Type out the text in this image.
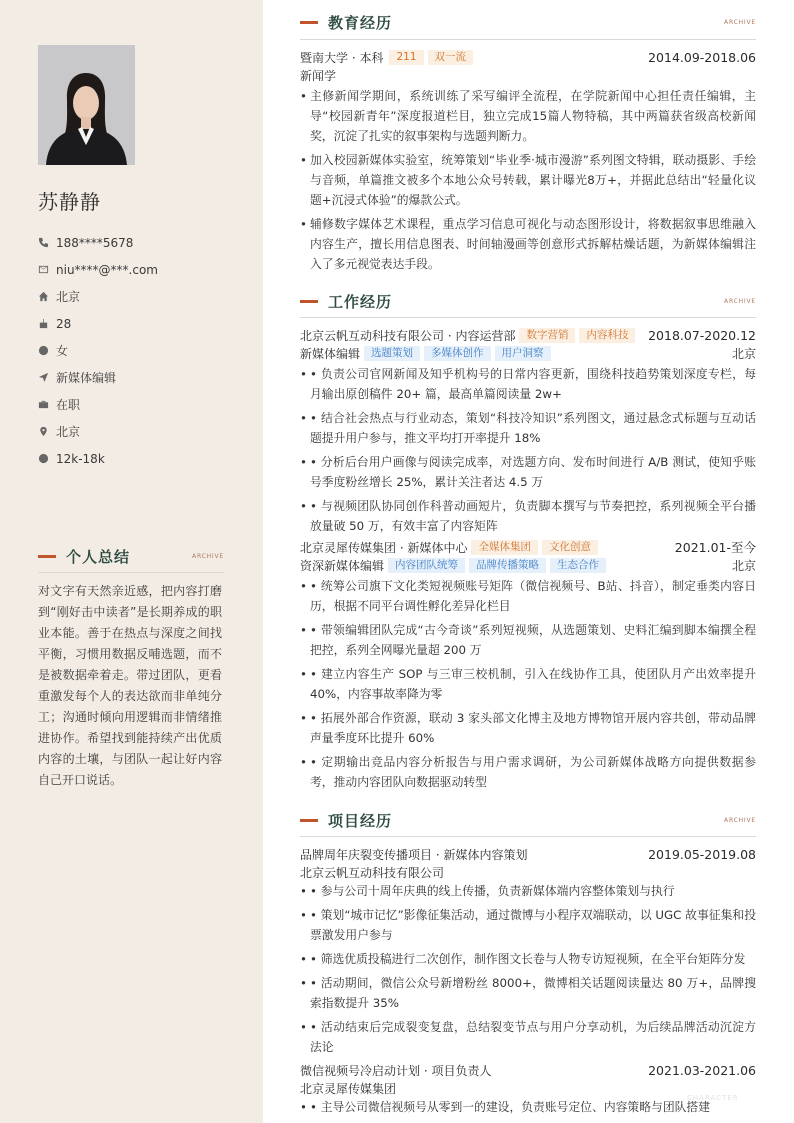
苏静静
188****5678
niu****@***.com
北京
28
女
新媒体编辑
在职
北京
12k-18k
个人总结	ARCHIVE
对文字有天然亲近感，把内容打磨到“刚好击中读者”是长期养成的职业本能。善于在热点与深度之间找平衡，习惯用数据反哺选题，而不是被数据牵着走。带过团队，更看重激发每个人的表达欲而非单纯分工；沟通时倾向用逻辑而非情绪推进协作。希望找到能持续产出优质内容的土壤，与团队一起让好内容自己开口说话。
教育经历	ARCHIVE
暨南大学 · 本科	211	双一流	2014.09-2018.06
新闻学
• 主修新闻学期间，系统训练了采写编评全流程，在学院新闻中心担任责任编辑，主导“校园新青年”深度报道栏目，独立完成15篇人物特稿，其中两篇获省级高校新闻奖，沉淀了扎实的叙事架构与选题判断力。
• 加入校园新媒体实验室，统筹策划“毕业季·城市漫游”系列图文特辑，联动摄影、手绘与音频，单篇推文被多个本地公众号转载，累计曝光8万+，并据此总结出“轻量化议题+沉浸式体验”的爆款公式。
• 辅修数字媒体艺术课程，重点学习信息可视化与动态图形设计，将数据叙事思维融入内容生产，擅长用信息图表、时间轴漫画等创意形式拆解枯燥话题，为新媒体编辑注入了多元视觉表达手段。
工作经历	ARCHIVE
北京云帆互动科技有限公司 · 内容运营部	数字营销	内容科技	2018.07-2020.12
新媒体编辑	选题策划	多媒体创作	用户洞察	北京
• • 负责公司官网新闻及知乎机构号的日常内容更新，围绕科技趋势策划深度专栏，每月输出原创稿件 20+ 篇，最高单篇阅读量 2w+
• • 结合社会热点与行业动态，策划“科技冷知识”系列图文，通过悬念式标题与互动话题提升用户参与，推文平均打开率提升 18%
• • 分析后台用户画像与阅读完成率，对选题方向、发布时间进行 A/B 测试，使知乎账号季度粉丝增长 25%，累计关注者达 4.5 万
• • 与视频团队协同创作科普动画短片，负责脚本撰写与节奏把控，系列视频全平台播放量破 50 万，有效丰富了内容矩阵
北京灵犀传媒集团 · 新媒体中心	全媒体集团	文化创意	2021.01-至今
资深新媒体编辑	内容团队统筹	品牌传播策略	生态合作	北京
• • 统筹公司旗下文化类短视频账号矩阵（微信视频号、B站、抖音），制定垂类内容日历，根据不同平台调性孵化差异化栏目
• • 带领编辑团队完成“古今奇谈”系列短视频，从选题策划、史料汇编到脚本编撰全程把控，系列全网曝光量超 200 万
• • 建立内容生产 SOP 与三审三校机制，引入在线协作工具，使团队月产出效率提升 40%，内容事故率降为零
• • 拓展外部合作资源，联动 3 家头部文化博主及地方博物馆开展内容共创，带动品牌声量季度环比提升 60%
• • 定期输出竞品内容分析报告与用户需求调研，为公司新媒体战略方向提供数据参考，推动内容团队向数据驱动转型
项目经历	ARCHIVE
品牌周年庆裂变传播项目 · 新媒体内容策划	2019.05-2019.08
北京云帆互动科技有限公司
• • 参与公司十周年庆典的线上传播，负责新媒体端内容整体策划与执行
• • 策划“城市记忆”影像征集活动，通过微博与小程序双端联动，以 UGC 故事征集和投票激发用户参与
• • 筛选优质投稿进行二次创作，制作图文长卷与人物专访短视频，在全平台矩阵分发
• • 活动期间，微信公众号新增粉丝 8000+，微博相关话题阅读量达 80 万+，品牌搜索指数提升 35%
• • 活动结束后完成裂变复盘，总结裂变节点与用户分享动机，为后续品牌活动沉淀方法论
微信视频号冷启动计划 · 项目负责人	2021.03-2021.06
北京灵犀传媒集团
• • 主导公司微信视频号从零到一的建设，负责账号定位、内容策略与团队搭建
CHARACTER
